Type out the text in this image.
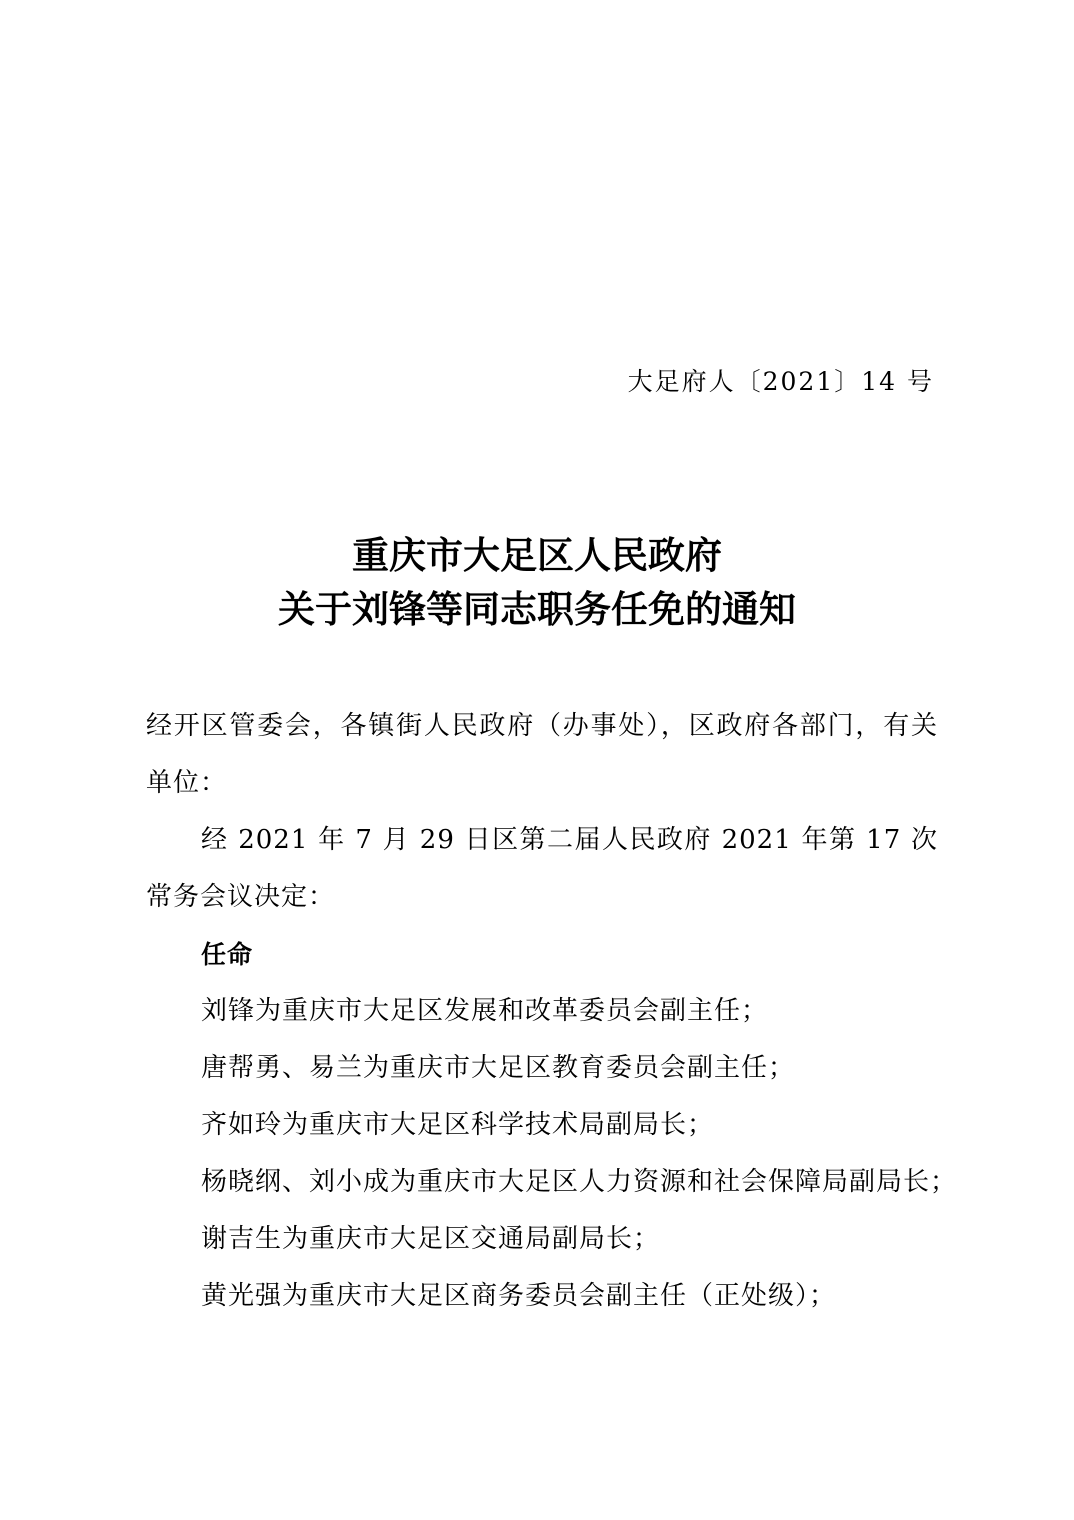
大足府人〔2021〕14 号
重庆市大足区人民政府
关于刘锋等同志职务任免的通知

经开区管委会，各镇街人民政府（办事处），区政府各部门，有关单位：

经 2021 年 7 月 29 日区第二届人民政府 2021 年第 17 次常务会议决定：

任命

刘锋为重庆市大足区发展和改革委员会副主任；

唐帮勇、易兰为重庆市大足区教育委员会副主任；

齐如玲为重庆市大足区科学技术局副局长；

杨晓纲、刘小成为重庆市大足区人力资源和社会保障局副局长；

谢吉生为重庆市大足区交通局副局长；

黄光强为重庆市大足区商务委员会副主任（正处级）；
